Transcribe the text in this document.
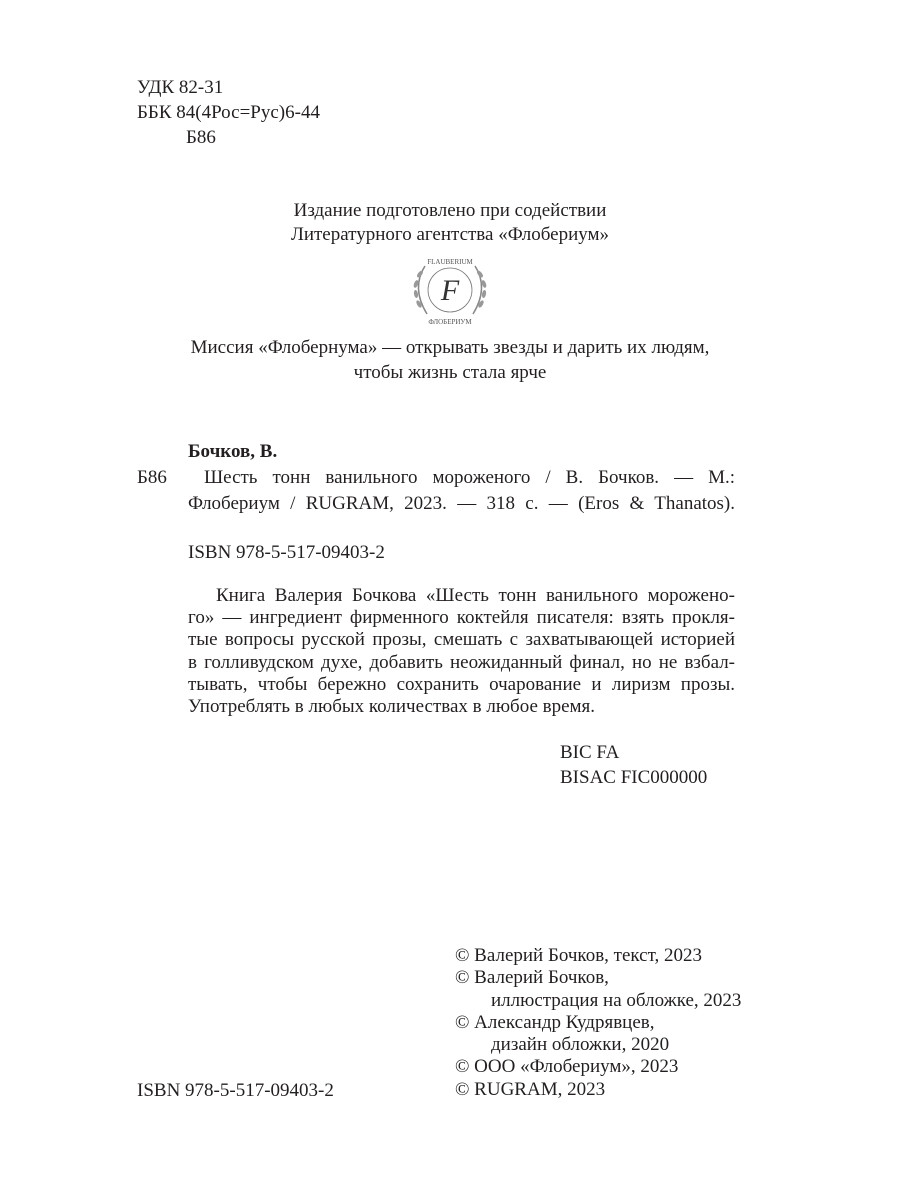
УДК 82-31
ББК 84(4Рос=Рус)6-44
Б86
Издание подготовлено при содействии
Литературного агентства «Флобериум»
FLAUBERIUM
F
ФЛОБЕРИУМ
Миссия «Флобернума» — открывать звезды и дарить их людям,
чтобы жизнь стала ярче
Бочков, В.
Б86	Шесть тонн ванильного мороженого / В. Бочков. — М.:
Флобериум / RUGRAM, 2023. — 318 с. — (Eros & Thanatos).
ISBN 978-5-517-09403-2
Книга Валерия Бочкова «Шесть тонн ванильного морожено-
го» — ингредиент фирменного коктейля писателя: взять прокля-
тые вопросы русской прозы, смешать с захватывающей историей
в голливудском духе, добавить неожиданный финал, но не взбал-
тывать, чтобы бережно сохранить очарование и лиризм прозы.
Употреблять в любых количествах в любое время.
BIC FA
BISAC FIC000000
© Валерий Бочков, текст, 2023
© Валерий Бочков,
иллюстрация на обложке, 2023
© Александр Кудрявцев,
дизайн обложки, 2020
© ООО «Флобериум», 2023
© RUGRAM, 2023
ISBN 978-5-517-09403-2
